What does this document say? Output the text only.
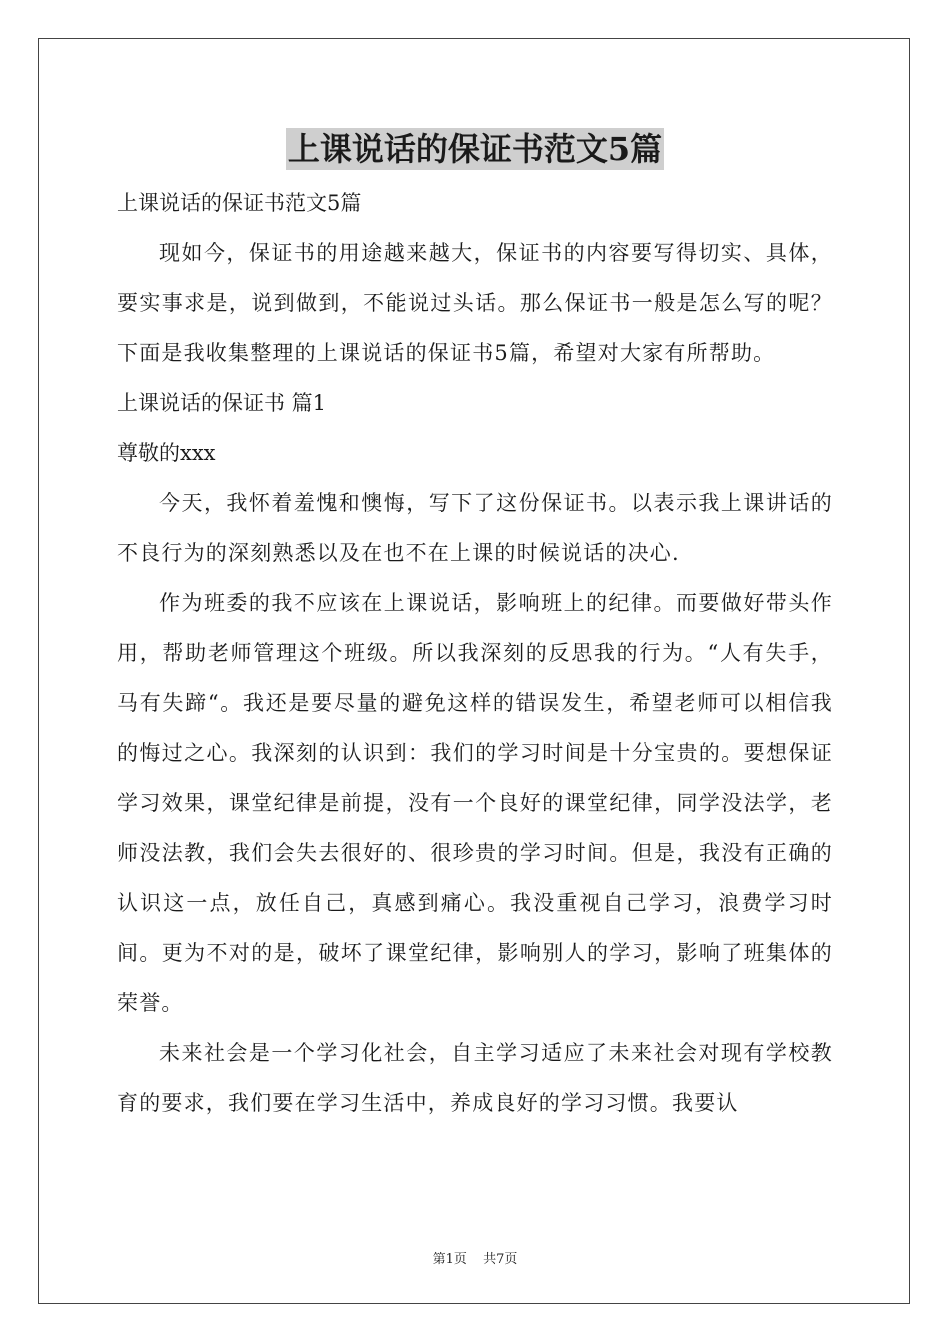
上课说话的保证书范文5篇

上课说话的保证书范文5篇

现如今，保证书的用途越来越大，保证书的内容要写得切实、具体，要实事求是，说到做到，不能说过头话。那么保证书一般是怎么写的呢？下面是我收集整理的上课说话的保证书5篇，希望对大家有所帮助。

上课说话的保证书 篇1

尊敬的xxx

今天，我怀着羞愧和懊悔，写下了这份保证书。以表示我上课讲话的不良行为的深刻熟悉以及在也不在上课的时候说话的决心.

作为班委的我不应该在上课说话，影响班上的纪律。而要做好带头作用，帮助老师管理这个班级。所以我深刻的反思我的行为。“人有失手，马有失蹄“。我还是要尽量的避免这样的错误发生，希望老师可以相信我的悔过之心。我深刻的认识到：我们的学习时间是十分宝贵的。要想保证学习效果，课堂纪律是前提，没有一个良好的课堂纪律，同学没法学，老师没法教，我们会失去很好的、很珍贵的学习时间。但是，我没有正确的认识这一点，放任自己，真感到痛心。我没重视自己学习，浪费学习时间。更为不对的是，破坏了课堂纪律，影响别人的学习，影响了班集体的荣誉。

未来社会是一个学习化社会，自主学习适应了未来社会对现有学校教育的要求，我们要在学习生活中，养成良好的学习习惯。我要认

第1页 共7页
